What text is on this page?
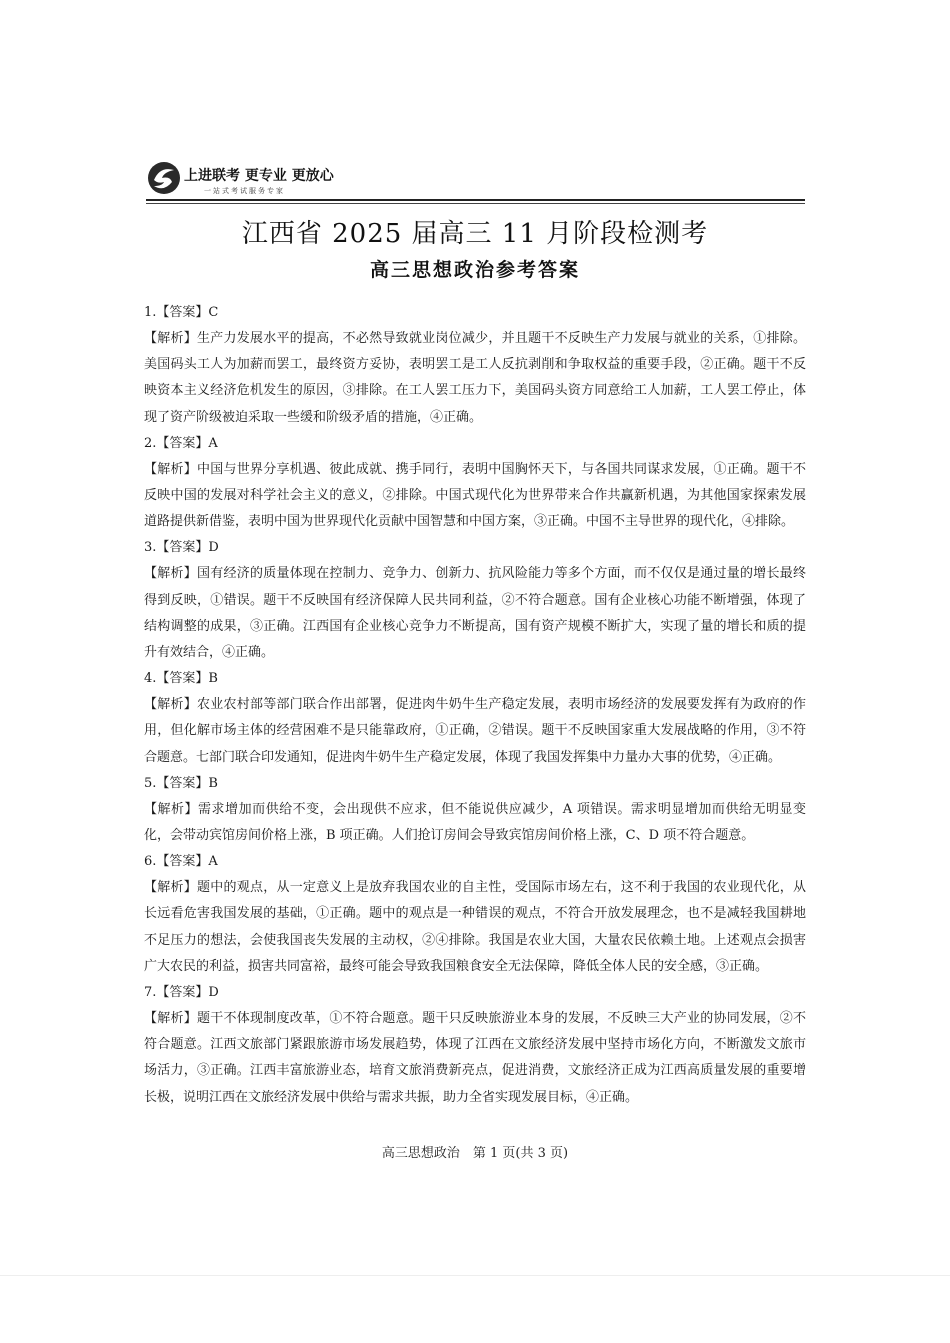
上进联考 更专业 更放心
一站式考试服务专家
江西省 2025 届高三 11 月阶段检测考
高三思想政治参考答案
1.【答案】C
【解析】生产力发展水平的提高，不必然导致就业岗位减少，并且题干不反映生产力发展与就业的关系，①排除。美国码头工人为加薪而罢工，最终资方妥协，表明罢工是工人反抗剥削和争取权益的重要手段，②正确。题干不反映资本主义经济危机发生的原因，③排除。在工人罢工压力下，美国码头资方同意给工人加薪，工人罢工停止，体现了资产阶级被迫采取一些缓和阶级矛盾的措施，④正确。
2.【答案】A
【解析】中国与世界分享机遇、彼此成就、携手同行，表明中国胸怀天下，与各国共同谋求发展，①正确。题干不反映中国的发展对科学社会主义的意义，②排除。中国式现代化为世界带来合作共赢新机遇，为其他国家探索发展道路提供新借鉴，表明中国为世界现代化贡献中国智慧和中国方案，③正确。中国不主导世界的现代化，④排除。
3.【答案】D
【解析】国有经济的质量体现在控制力、竞争力、创新力、抗风险能力等多个方面，而不仅仅是通过量的增长最终得到反映，①错误。题干不反映国有经济保障人民共同利益，②不符合题意。国有企业核心功能不断增强，体现了结构调整的成果，③正确。江西国有企业核心竞争力不断提高，国有资产规模不断扩大，实现了量的增长和质的提升有效结合，④正确。
4.【答案】B
【解析】农业农村部等部门联合作出部署，促进肉牛奶牛生产稳定发展，表明市场经济的发展要发挥有为政府的作用，但化解市场主体的经营困难不是只能靠政府，①正确，②错误。题干不反映国家重大发展战略的作用，③不符合题意。七部门联合印发通知，促进肉牛奶牛生产稳定发展，体现了我国发挥集中力量办大事的优势，④正确。
5.【答案】B
【解析】需求增加而供给不变，会出现供不应求，但不能说供应减少，A 项错误。需求明显增加而供给无明显变化，会带动宾馆房间价格上涨，B 项正确。人们抢订房间会导致宾馆房间价格上涨，C、D 项不符合题意。
6.【答案】A
【解析】题中的观点，从一定意义上是放弃我国农业的自主性，受国际市场左右，这不利于我国的农业现代化，从长远看危害我国发展的基础，①正确。题中的观点是一种错误的观点，不符合开放发展理念，也不是减轻我国耕地不足压力的想法，会使我国丧失发展的主动权，②④排除。我国是农业大国，大量农民依赖土地。上述观点会损害广大农民的利益，损害共同富裕，最终可能会导致我国粮食安全无法保障，降低全体人民的安全感，③正确。
7.【答案】D
【解析】题干不体现制度改革，①不符合题意。题干只反映旅游业本身的发展，不反映三大产业的协同发展，②不符合题意。江西文旅部门紧跟旅游市场发展趋势，体现了江西在文旅经济发展中坚持市场化方向，不断激发文旅市场活力，③正确。江西丰富旅游业态，培育文旅消费新亮点，促进消费，文旅经济正成为江西高质量发展的重要增长极，说明江西在文旅经济发展中供给与需求共振，助力全省实现发展目标，④正确。
高三思想政治　第 1 页(共 3 页)
